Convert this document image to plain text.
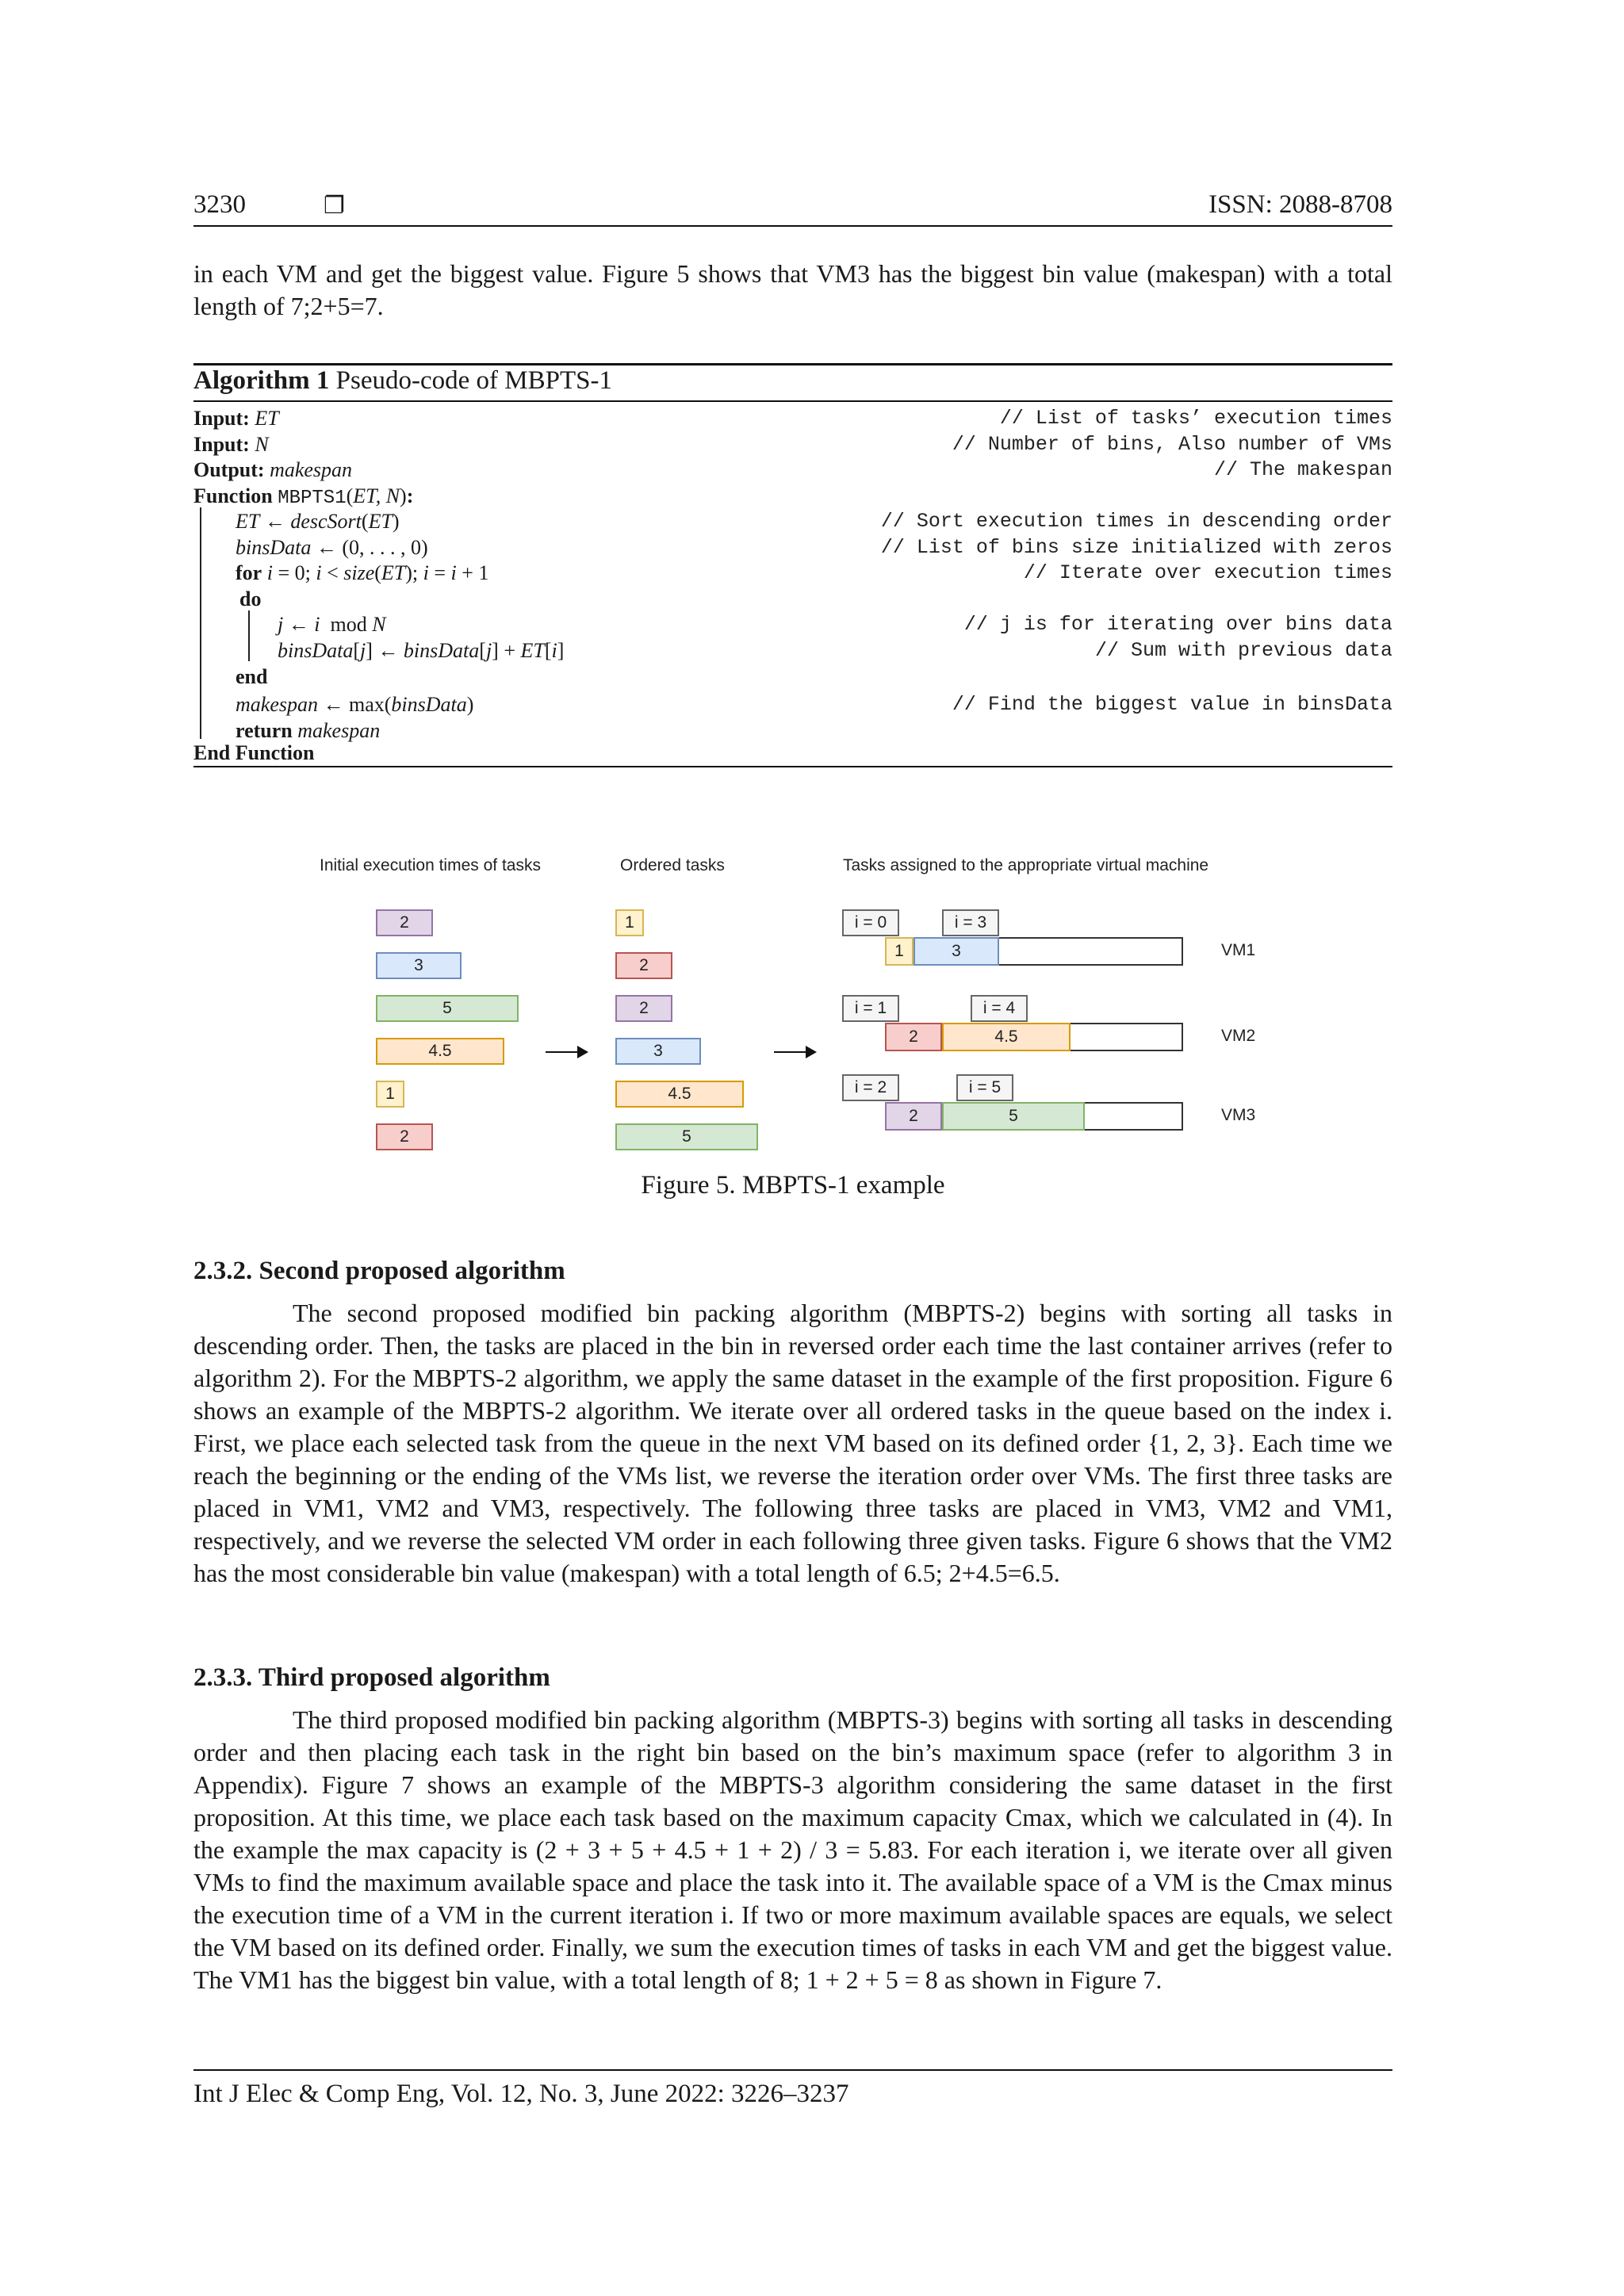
3230	❐	ISSN: 2088-8708

in each VM and get the biggest value. Figure 5 shows that VM3 has the biggest bin value (makespan) with a total length of 7;2+5=7.

Algorithm 1 Pseudo-code of MBPTS-1
Input: ET	// List of tasks’ execution times
Input: N	// Number of bins, Also number of VMs
Output: makespan	// The makespan
Function MBPTS1(ET, N):
ET ← descSort(ET)	// Sort execution times in descending order
binsData ← (0, . . . , 0)	// List of bins size initialized with zeros
for i = 0; i < size(ET); i = i + 1	// Iterate over execution times
do
j ← i  mod N	// j is for iterating over bins data
binsData[j] ← binsData[j] + ET[i]	// Sum with previous data
end
makespan ← max(binsData)	// Find the biggest value in binsData
return makespan
End Function
Initial execution times of tasks	Ordered tasks	Tasks assigned to the appropriate virtual machine
2
3
5
4.5
1
2
1
2
2
3
4.5
5
i = 0	i = 3
1	3	VM1
i = 1	i = 4
2	4.5	VM2
i = 2	i = 5
2	5	VM3
Figure 5. MBPTS-1 example
2.3.2. Second proposed algorithm

The second proposed modified bin packing algorithm (MBPTS-2) begins with sorting all tasks in descending order. Then, the tasks are placed in the bin in reversed order each time the last container arrives (refer to algorithm 2). For the MBPTS-2 algorithm, we apply the same dataset in the example of the first proposition. Figure 6 shows an example of the MBPTS-2 algorithm. We iterate over all ordered tasks in the queue based on the index i. First, we place each selected task from the queue in the next VM based on its defined order {1, 2, 3}. Each time we reach the beginning or the ending of the VMs list, we reverse the iteration order over VMs. The first three tasks are placed in VM1, VM2 and VM3, respectively. The following three tasks are placed in VM3, VM2 and VM1, respectively, and we reverse the selected VM order in each following three given tasks. Figure 6 shows that the VM2 has the most considerable bin value (makespan) with a total length of 6.5; 2+4.5=6.5.

2.3.3. Third proposed algorithm

The third proposed modified bin packing algorithm (MBPTS-3) begins with sorting all tasks in descending order and then placing each task in the right bin based on the bin’s maximum space (refer to algorithm 3 in Appendix). Figure 7 shows an example of the MBPTS-3 algorithm considering the same dataset in the first proposition. At this time, we place each task based on the maximum capacity Cmax, which we calculated in (4). In the example the max capacity is (2 + 3 + 5 + 4.5 + 1 + 2) / 3 = 5.83. For each iteration i, we iterate over all given VMs to find the maximum available space and place the task into it. The available space of a VM is the Cmax minus the execution time of a VM in the current iteration i. If two or more maximum available spaces are equals, we select the VM based on its defined order. Finally, we sum the execution times of tasks in each VM and get the biggest value. The VM1 has the biggest bin value, with a total length of 8; 1 + 2 + 5 = 8 as shown in Figure 7.

Int J Elec & Comp Eng, Vol. 12, No. 3, June 2022: 3226–3237
